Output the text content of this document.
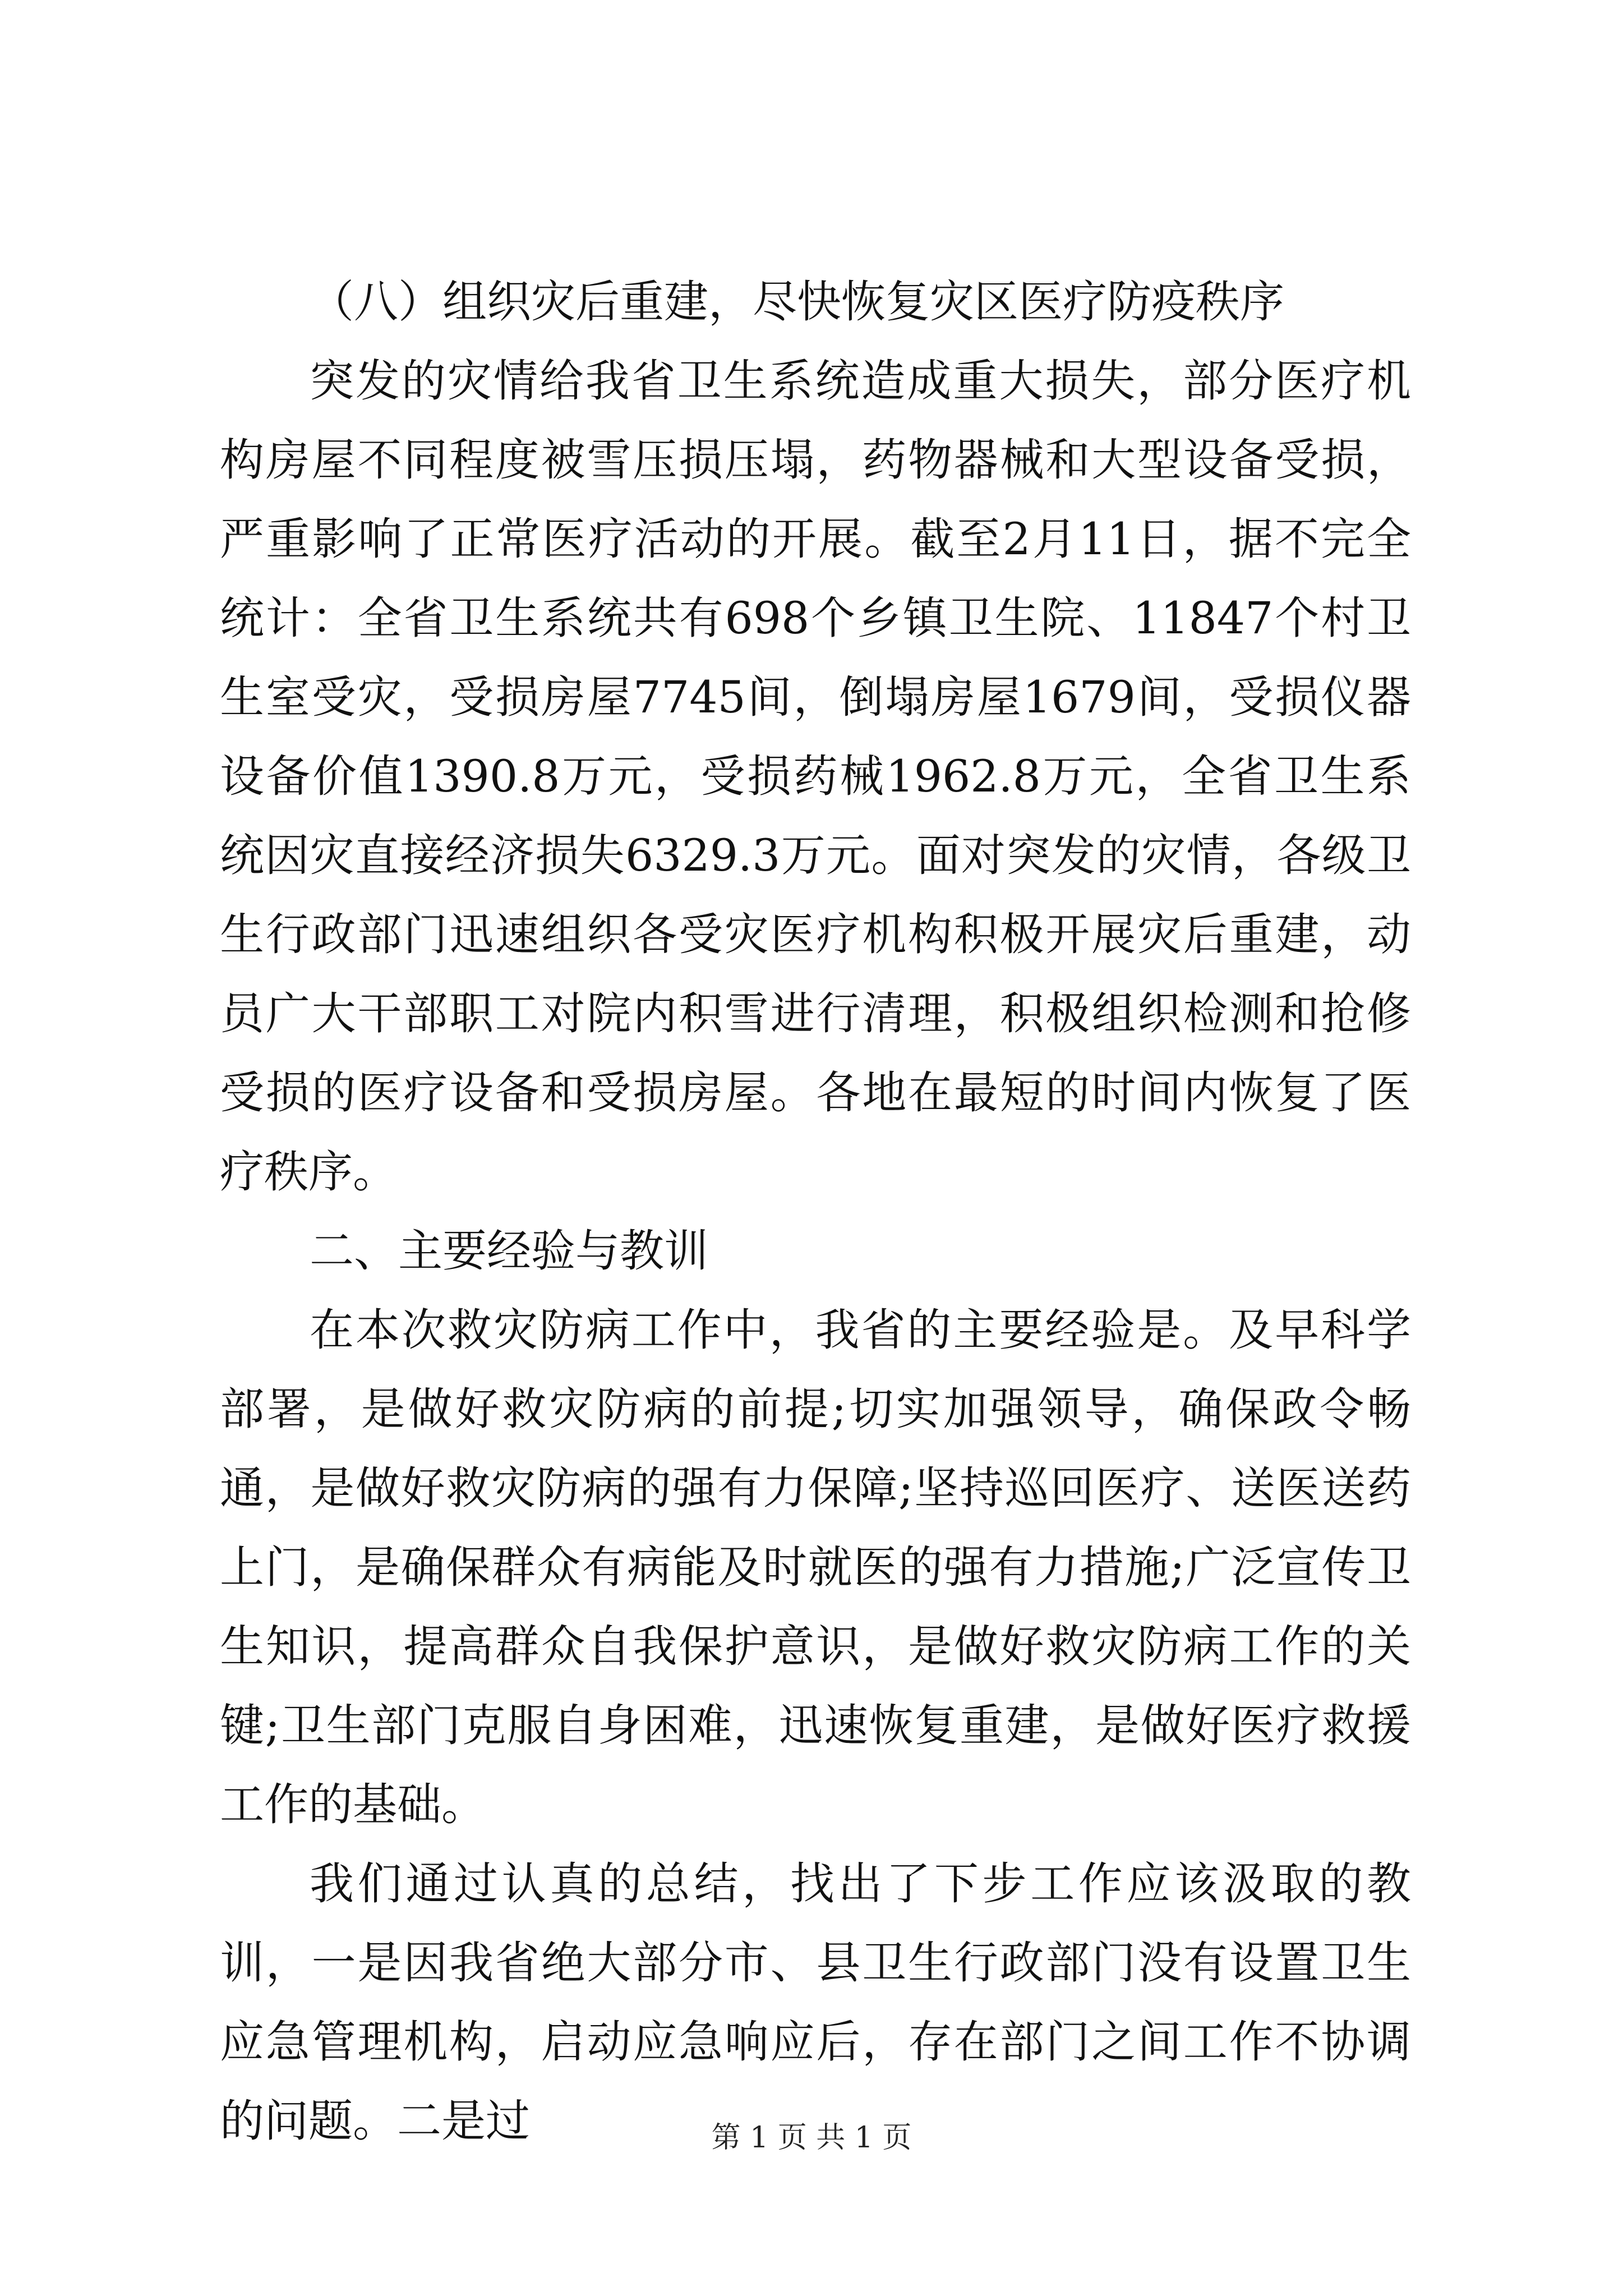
（八）组织灾后重建，尽快恢复灾区医疗防疫秩序

突发的灾情给我省卫生系统造成重大损失，部分医疗机构房屋不同程度被雪压损压塌，药物器械和大型设备受损，严重影响了正常医疗活动的开展。截至2月11日，据不完全统计：全省卫生系统共有698个乡镇卫生院、11847个村卫生室受灾，受损房屋7745间，倒塌房屋1679间，受损仪器设备价值1390.8万元，受损药械1962.8万元，全省卫生系统因灾直接经济损失6329.3万元。面对突发的灾情，各级卫生行政部门迅速组织各受灾医疗机构积极开展灾后重建，动员广大干部职工对院内积雪进行清理，积极组织检测和抢修受损的医疗设备和受损房屋。各地在最短的时间内恢复了医疗秩序。

二、主要经验与教训

在本次救灾防病工作中，我省的主要经验是。及早科学部署，是做好救灾防病的前提;切实加强领导，确保政令畅通，是做好救灾防病的强有力保障;坚持巡回医疗、送医送药上门，是确保群众有病能及时就医的强有力措施;广泛宣传卫生知识，提高群众自我保护意识，是做好救灾防病工作的关键;卫生部门克服自身困难，迅速恢复重建，是做好医疗救援工作的基础。

我们通过认真的总结，找出了下步工作应该汲取的教训，一是因我省绝大部分市、县卫生行政部门没有设置卫生应急管理机构，启动应急响应后，存在部门之间工作不协调的问题。二是过	第 1 页 共 1 页
